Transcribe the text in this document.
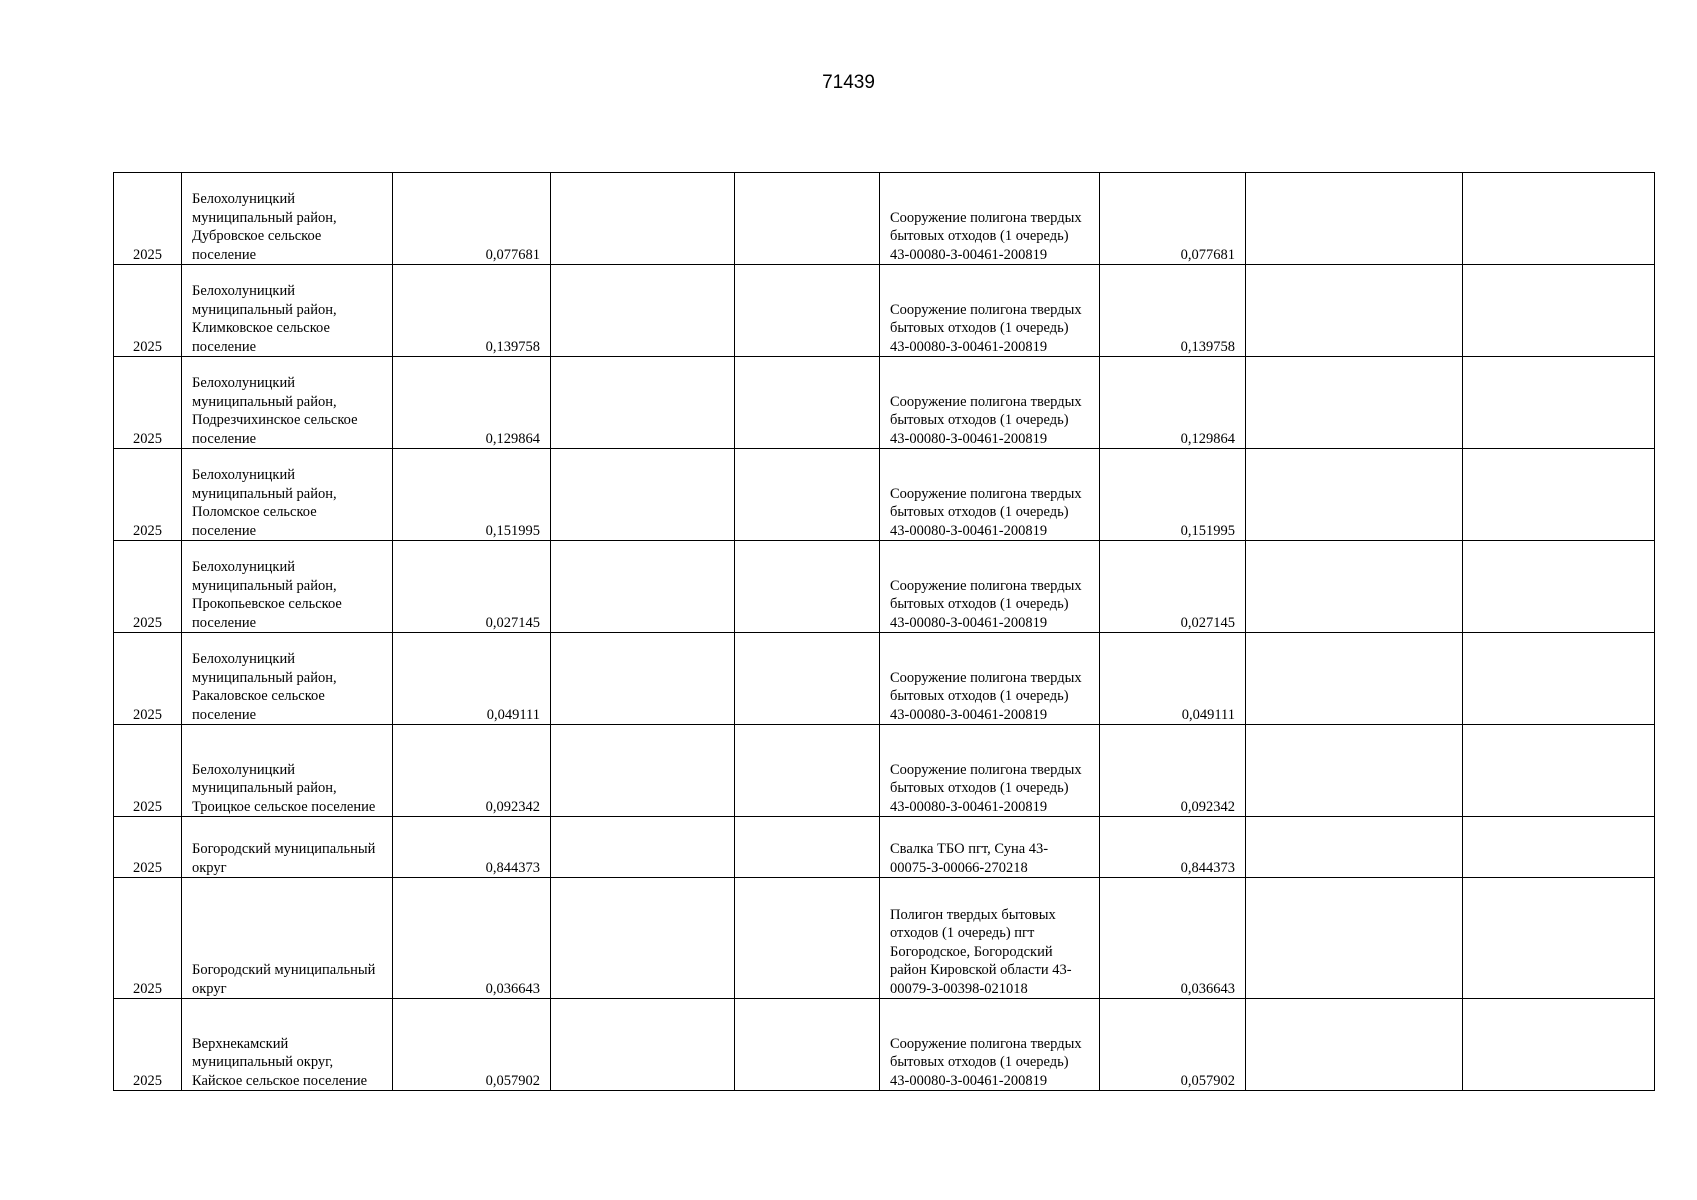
71439
2025	Белохолуницкий муниципальный район, Дубровское сельское поселение	0,077681			Сооружение полигона твердых бытовых отходов (1 очередь) 43-00080-З-00461-200819	0,077681		
2025	Белохолуницкий муниципальный район, Климковское сельское поселение	0,139758			Сооружение полигона твердых бытовых отходов (1 очередь) 43-00080-З-00461-200819	0,139758		
2025	Белохолуницкий муниципальный район, Подрезчихинское сельское поселение	0,129864			Сооружение полигона твердых бытовых отходов (1 очередь) 43-00080-З-00461-200819	0,129864		
2025	Белохолуницкий муниципальный район, Поломское сельское поселение	0,151995			Сооружение полигона твердых бытовых отходов (1 очередь) 43-00080-З-00461-200819	0,151995		
2025	Белохолуницкий муниципальный район, Прокопьевское сельское поселение	0,027145			Сооружение полигона твердых бытовых отходов (1 очередь) 43-00080-З-00461-200819	0,027145		
2025	Белохолуницкий муниципальный район, Ракаловское сельское поселение	0,049111			Сооружение полигона твердых бытовых отходов (1 очередь) 43-00080-З-00461-200819	0,049111		
2025	Белохолуницкий муниципальный район, Троицкое сельское поселение	0,092342			Сооружение полигона твердых бытовых отходов (1 очередь) 43-00080-З-00461-200819	0,092342		
2025	Богородский муниципальный округ	0,844373			Свалка ТБО пгт, Суна 43-00075-З-00066-270218	0,844373		
2025	Богородский муниципальный округ	0,036643			Полигон твердых бытовых отходов (1 очередь) пгт Богородское, Богородский район Кировской области 43-00079-З-00398-021018	0,036643		
2025	Верхнекамский муниципальный округ, Кайское сельское поселение	0,057902			Сооружение полигона твердых бытовых отходов (1 очередь) 43-00080-З-00461-200819	0,057902		
